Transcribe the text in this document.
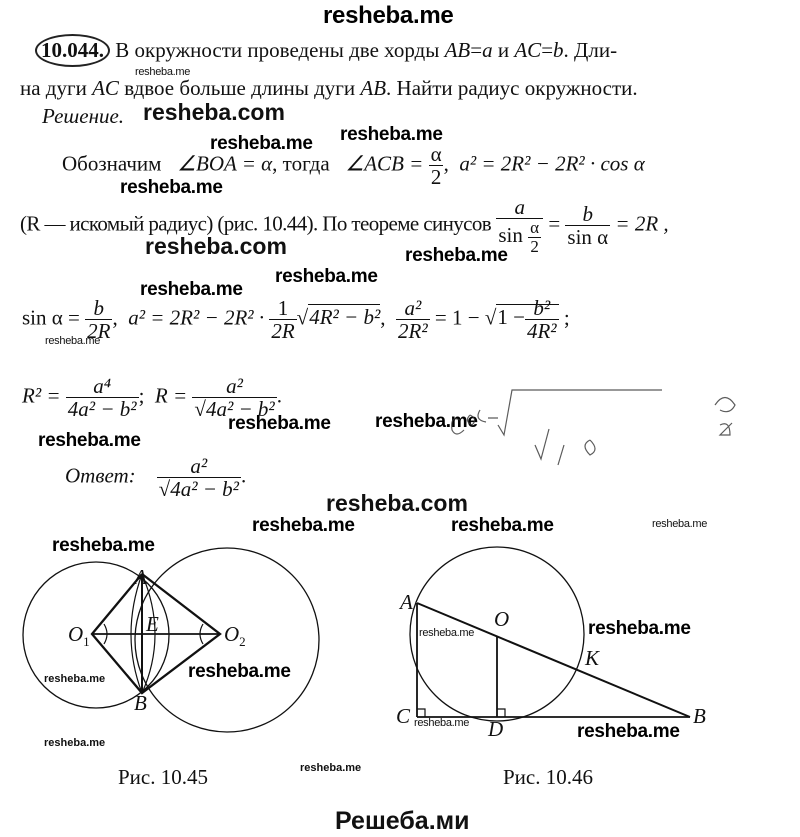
resheba.me
10.044. В окружности проведены две хорды AB=a и AC=b. Дли-
resheba.me
на дуги AC вдвое больше длины дуги AB. Найти радиус окружности.
Решение. resheba.com
resheba.me resheba.me
Обозначим ∠BOA = α, тогда ∠ACB = $\frac{\alpha}{2}$ ,  a² = 2R² − 2R² · cos α
resheba.me
(R — искомый радиус) (рис. 10.44). По теореме синусов $\frac{a}{\sin \frac{\alpha}{2}} = \frac{b}{\text{sin α}} = 2R$ ,
resheba.com	resheba.me
resheba.me
resheba.me
$\sin \alpha = \frac{b}{2R}$ ,  $a^2 = 2R^2 - 2R^2 \cdot \frac{1}{2R} √4R^2 - b^2$, $\frac{\text{a²}}{\text{2R²}} = 1 - √1 - \frac{\text{b²}}{\text{4R²}}$ ;
resheba.me
$R^2 = \frac{\text{a⁴}}{\text{4a² − b²}}$ ;  $R = \frac{\text{a²}}{\text{√4a² − b²}}$ .
resheba.me resheba.me
resheba.me
Ответ: $\frac{\text{a²}}{\text{√4a² − b²}}$ .
resheba.com
resheba.me	resheba.me	resheba.me
resheba.me
A
E
$O_1$	$O_2$
B
resheba.me
resheba.me
resheba.me
resheba.me
Рис. 10.45
A
O
K
C
D
B
resheba.me	resheba.me
resheba.me	resheba.me
Рис. 10.46
Решеба.ми
